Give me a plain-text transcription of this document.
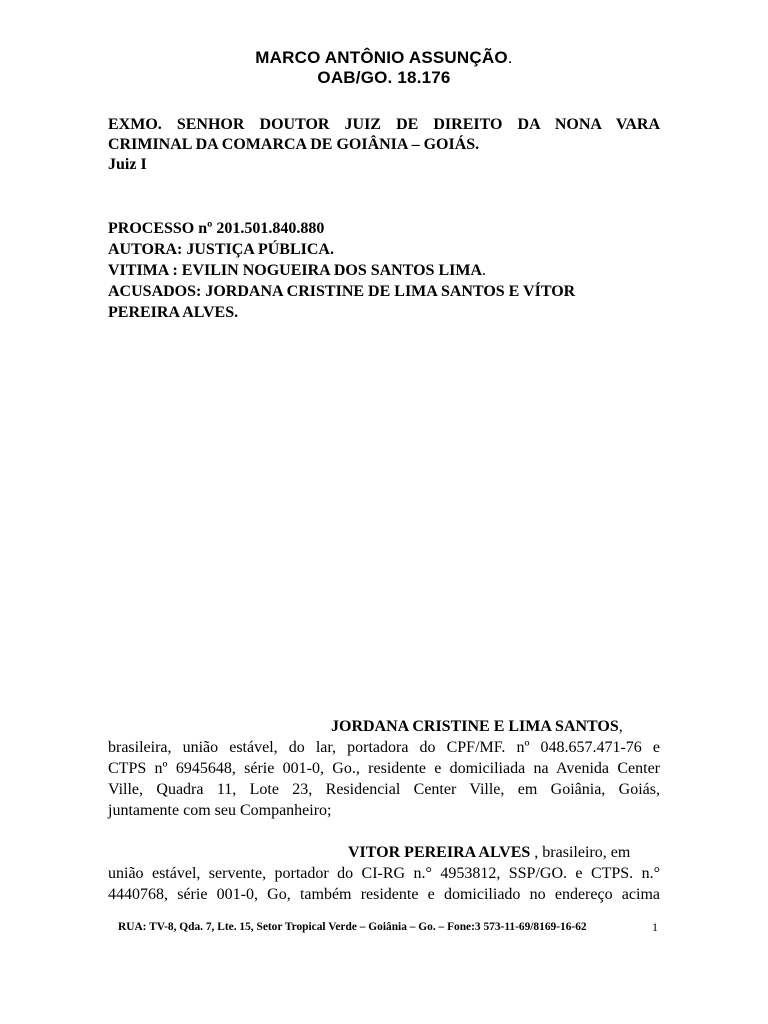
MARCO ANTÔNIO ASSUNÇÃO.
OAB/GO. 18.176
EXMO. SENHOR DOUTOR JUIZ DE DIREITO DA NONA VARA
CRIMINAL DA COMARCA DE GOIÂNIA – GOIÁS.
Juiz I
PROCESSO nº 201.501.840.880
AUTORA: JUSTIÇA PÚBLICA.
VITIMA : EVILIN NOGUEIRA DOS SANTOS LIMA.
ACUSADOS: JORDANA CRISTINE DE LIMA SANTOS E VÍTOR
PEREIRA ALVES.
JORDANA CRISTINE E LIMA SANTOS,
brasileira, união estável, do lar, portadora do CPF/MF. nº 048.657.471-76 e
CTPS nº 6945648, série 001-0, Go., residente e domiciliada na Avenida Center
Ville, Quadra 11, Lote 23, Residencial Center Ville, em Goiânia, Goiás,
juntamente com seu Companheiro;
VITOR PEREIRA ALVES , brasileiro, em
união estável, servente, portador do CI-RG n.° 4953812, SSP/GO. e CTPS. n.°
4440768, série 001-0, Go, também residente e domiciliado no endereço acima
RUA: TV-8, Qda. 7, Lte. 15, Setor Tropical Verde – Goiânia – Go. – Fone:3 573-11-69/8169-16-62	1
